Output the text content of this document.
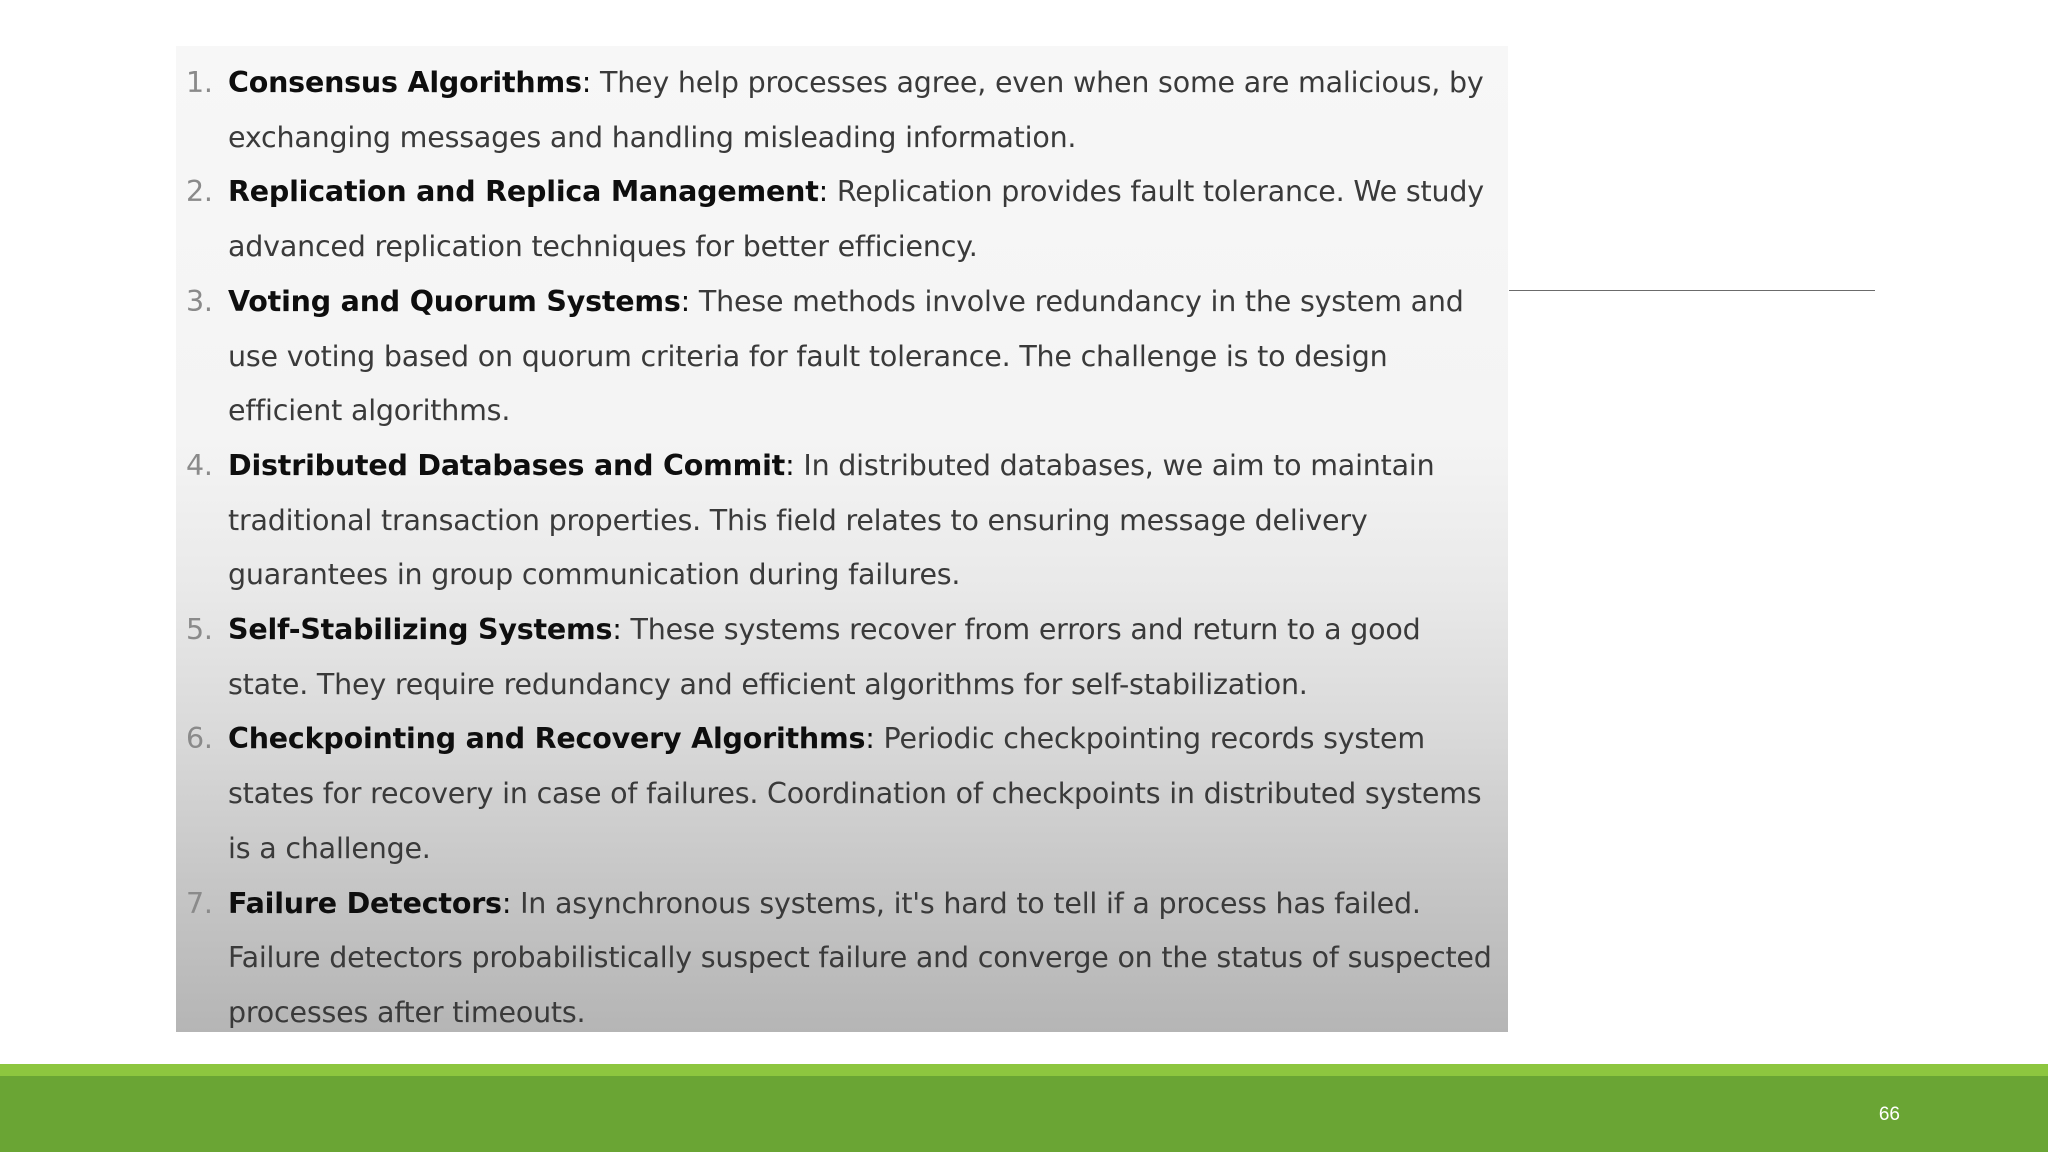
1. Consensus Algorithms: They help processes agree, even when some are malicious, by exchanging messages and handling misleading information.
2. Replication and Replica Management: Replication provides fault tolerance. We study advanced replication techniques for better efficiency.
3. Voting and Quorum Systems: These methods involve redundancy in the system and use voting based on quorum criteria for fault tolerance. The challenge is to design efficient algorithms.
4. Distributed Databases and Commit: In distributed databases, we aim to maintain traditional transaction properties. This field relates to ensuring message delivery guarantees in group communication during failures.
5. Self-Stabilizing Systems: These systems recover from errors and return to a good state. They require redundancy and efficient algorithms for self-stabilization.
6. Checkpointing and Recovery Algorithms: Periodic checkpointing records system states for recovery in case of failures. Coordination of checkpoints in distributed systems is a challenge.
7. Failure Detectors: In asynchronous systems, it's hard to tell if a process has failed. Failure detectors probabilistically suspect failure and converge on the status of suspected processes after timeouts.
66
